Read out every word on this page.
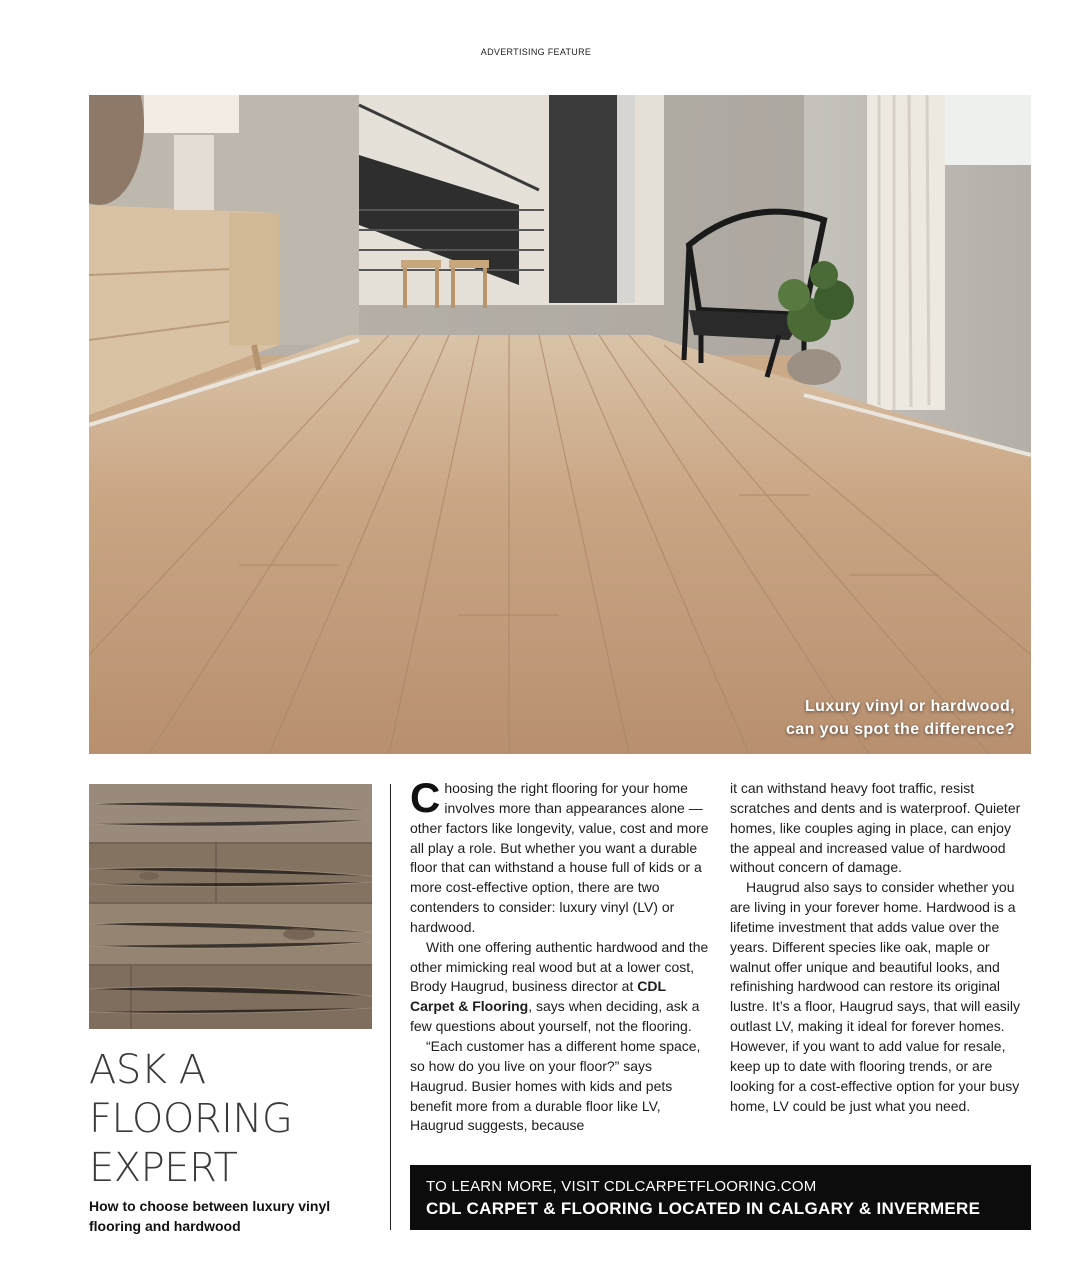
ADVERTISING FEATURE
Luxury vinyl or hardwood,
can you spot the difference?
ASK A
FLOORING
EXPERT
How to choose between luxury vinyl flooring and hardwood

Choosing the right flooring for your home involves more than appearances alone — other factors like longevity, value, cost and more all play a role. But whether you want a durable floor that can withstand a house full of kids or a more cost-effective option, there are two contenders to consider: luxury vinyl (LV) or hardwood.

With one offering authentic hardwood and the other mimicking real wood but at a lower cost, Brody Haugrud, business director at CDL Carpet & Flooring, says when deciding, ask a few questions about yourself, not the flooring.

“Each customer has a different home space, so how do you live on your floor?” says Haugrud. Busier homes with kids and pets benefit more from a durable floor like LV, Haugrud suggests, because

it can withstand heavy foot traffic, resist scratches and dents and is waterproof. Quieter homes, like couples aging in place, can enjoy the appeal and increased value of hardwood without concern of damage.

Haugrud also says to consider whether you are living in your forever home. Hardwood is a lifetime investment that adds value over the years. Different species like oak, maple or walnut offer unique and beautiful looks, and refinishing hardwood can restore its original lustre. It’s a floor, Haugrud says, that will easily outlast LV, making it ideal for forever homes. However, if you want to add value for resale, keep up to date with flooring trends, or are looking for a cost-effective option for your busy home, LV could be just what you need.

TO LEARN MORE, VISIT CDLCARPETFLOORING.COM
CDL CARPET & FLOORING LOCATED IN CALGARY & INVERMERE
